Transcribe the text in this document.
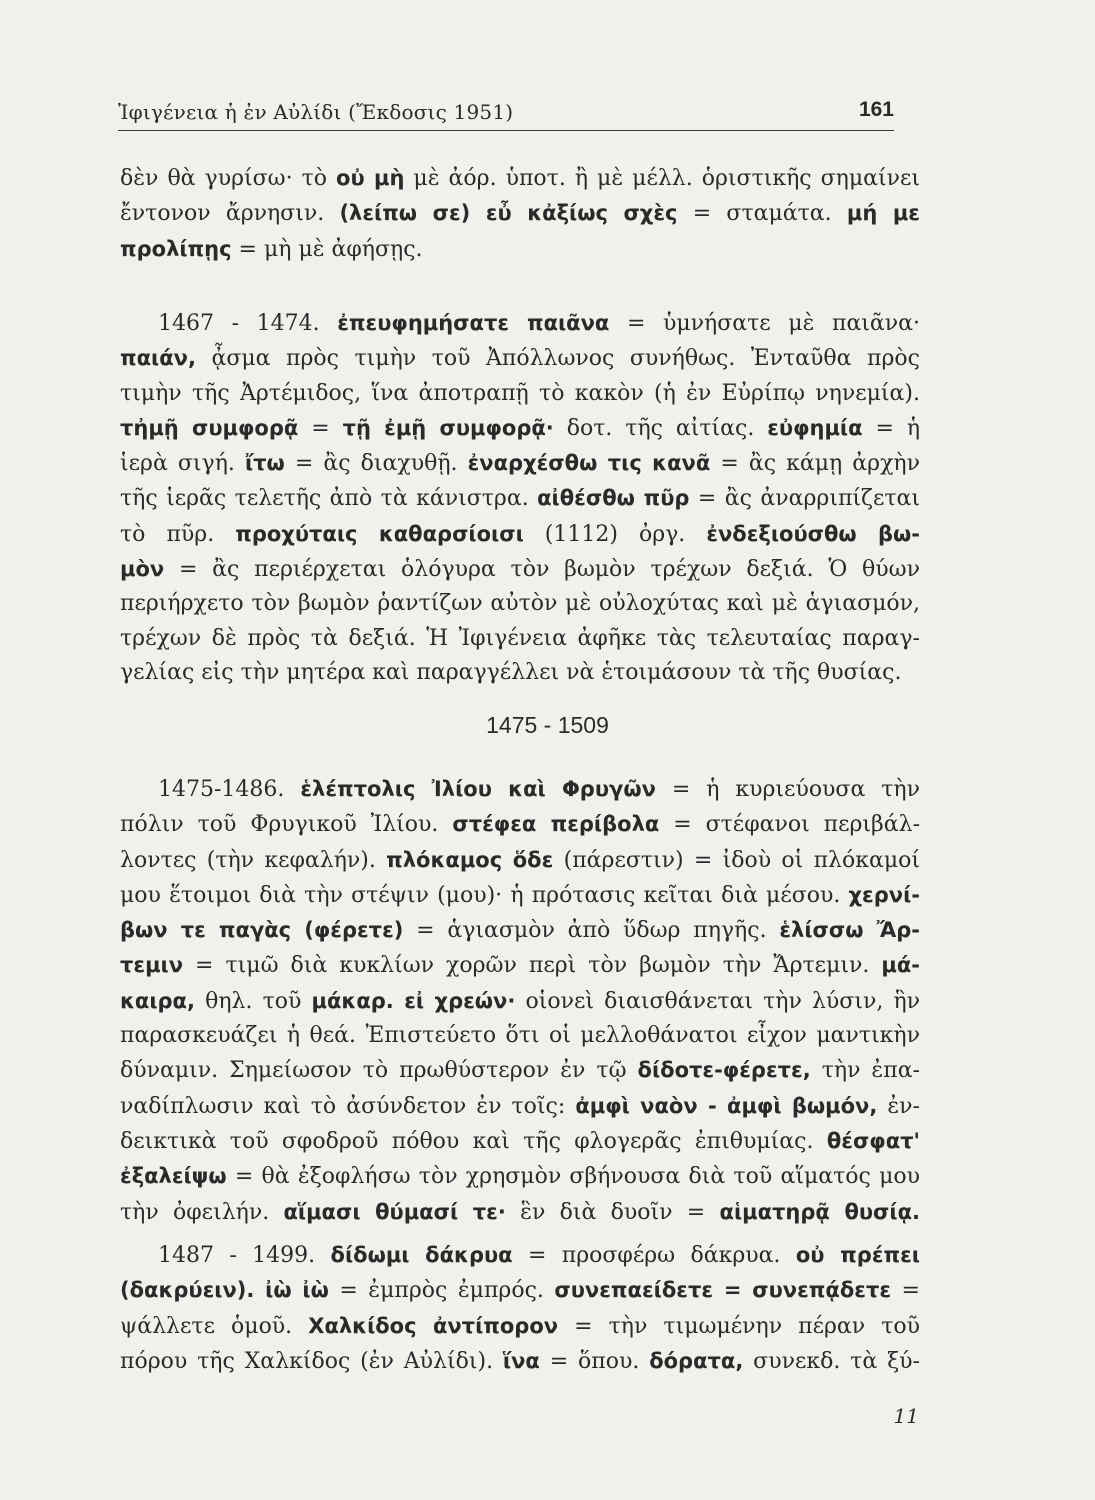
Ἰφιγένεια ἡ ἐν Αὐλίδι (Ἔκδοσις 1951)	161
δὲν θὰ γυρίσω· τὸ οὐ μὴ μὲ ἀόρ. ὑποτ. ἢ μὲ μέλλ. ὁριστικῆς σημαίνει
ἔντονον ἄρνησιν. (λείπω σε) εὖ κἀξίως σχὲς = σταμάτα. μή με
προλίπῃς = μὴ μὲ ἀφήσῃς.
1467 - 1474. ἐπευφημήσατε παιᾶνα = ὑμνήσατε μὲ παιᾶνα·
παιάν, ᾆσμα πρὸς τιμὴν τοῦ Ἀπόλλωνος συνήθως. Ἐνταῦθα πρὸς
τιμὴν τῆς Ἀρτέμιδος, ἵνα ἀποτραπῇ τὸ κακὸν (ἡ ἐν Εὐρίπῳ νηνεμία).
τἠμῇ συμφορᾷ = τῇ ἐμῇ συμφορᾷ· δοτ. τῆς αἰτίας. εὐφημία = ἡ
ἱερὰ σιγή. ἴτω = ἂς διαχυθῇ. ἐναρχέσθω τις κανᾶ = ἂς κάμῃ ἀρχὴν
τῆς ἱερᾶς τελετῆς ἀπὸ τὰ κάνιστρα. αἰθέσθω πῦρ = ἂς ἀναρριπίζεται
τὸ πῦρ. προχύταις καθαρσίοισι (1112) ὀργ. ἐνδεξιούσθω βω-
μὸν = ἂς περιέρχεται ὁλόγυρα τὸν βωμὸν τρέχων δεξιά. Ὁ θύων
περιήρχετο τὸν βωμὸν ῥαντίζων αὐτὸν μὲ οὐλοχύτας καὶ μὲ ἁγιασμόν,
τρέχων δὲ πρὸς τὰ δεξιά. Ἡ Ἰφιγένεια ἀφῆκε τὰς τελευταίας παραγ-
γελίας εἰς τὴν μητέρα καὶ παραγγέλλει νὰ ἑτοιμάσουν τὰ τῆς θυσίας.
1475 - 1509
1475-1486. ἑλέπτολις Ἰλίου καὶ Φρυγῶν = ἡ κυριεύουσα τὴν
πόλιν τοῦ Φρυγικοῦ Ἰλίου. στέφεα περίβολα = στέφανοι περιβάλ-
λοντες (τὴν κεφαλήν). πλόκαμος ὅδε (πάρεστιν) = ἰδοὺ οἱ πλόκαμοί
μου ἕτοιμοι διὰ τὴν στέψιν (μου)· ἡ πρότασις κεῖται διὰ μέσου. χερνί-
βων τε παγὰς (φέρετε) = ἁγιασμὸν ἀπὸ ὕδωρ πηγῆς. ἑλίσσω Ἄρ-
τεμιν = τιμῶ διὰ κυκλίων χορῶν περὶ τὸν βωμὸν τὴν Ἄρτεμιν. μά-
καιρα, θηλ. τοῦ μάκαρ. εἰ χρεών· οἱονεὶ διαισθάνεται τὴν λύσιν, ἣν
παρασκευάζει ἡ θεά. Ἐπιστεύετο ὅτι οἱ μελλοθάνατοι εἶχον μαντικὴν
δύναμιν. Σημείωσον τὸ πρωθύστερον ἐν τῷ δίδοτε-φέρετε, τὴν ἐπα-
ναδίπλωσιν καὶ τὸ ἀσύνδετον ἐν τοῖς: ἀμφὶ ναὸν - ἀμφὶ βωμόν, ἐν-
δεικτικὰ τοῦ σφοδροῦ πόθου καὶ τῆς φλογερᾶς ἐπιθυμίας. θέσφατ'
ἐξαλείψω = θὰ ἐξοφλήσω τὸν χρησμὸν σβήνουσα διὰ τοῦ αἵματός μου
τὴν ὀφειλήν. αἵμασι θύμασί τε· ἓν διὰ δυοῖν = αἱματηρᾷ θυσίᾳ.
1487 - 1499. δίδωμι δάκρυα = προσφέρω δάκρυα. οὐ πρέπει
(δακρύειν). ἰὼ ἰὼ = ἐμπρὸς ἐμπρός. συνεπαείδετε = συνεπᾴδετε =
ψάλλετε ὁμοῦ. Χαλκίδος ἀντίπορον = τὴν τιμωμένην πέραν τοῦ
πόρου τῆς Χαλκίδος (ἐν Αὐλίδι). ἵνα = ὅπου. δόρατα, συνεκδ. τὰ ξύ-
11
